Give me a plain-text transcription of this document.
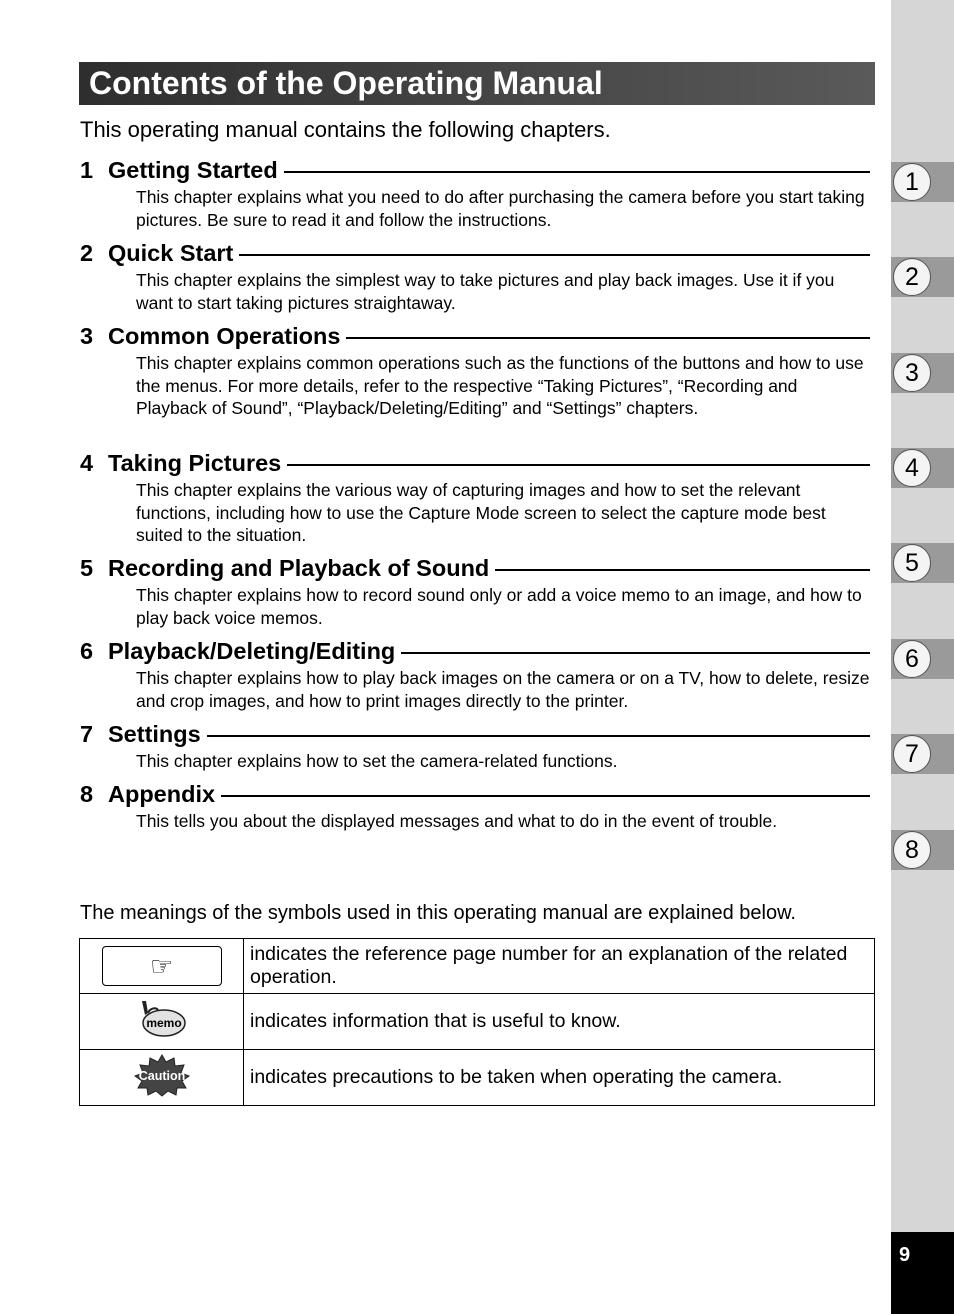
1
2
3
4
5
6
7
8
9
Contents of the Operating Manual

This operating manual contains the following chapters.

1 Getting Started

This chapter explains what you need to do after purchasing the camera before you start taking pictures. Be sure to read it and follow the instructions.

2 Quick Start

This chapter explains the simplest way to take pictures and play back images. Use it if you want to start taking pictures straightaway.

3 Common Operations

This chapter explains common operations such as the functions of the buttons and how to use the menus. For more details, refer to the respective “Taking Pictures”, “Recording and Playback of Sound”, “Playback/Deleting/Editing” and “Settings” chapters.

4 Taking Pictures

This chapter explains the various way of capturing images and how to set the relevant functions, including how to use the Capture Mode screen to select the capture mode best suited to the situation.

5 Recording and Playback of Sound

This chapter explains how to record sound only or add a voice memo to an image, and how to play back voice memos.

6 Playback/Deleting/Editing

This chapter explains how to play back images on the camera or on a TV, how to delete, resize and crop images, and how to print images directly to the printer.

7 Settings

This chapter explains how to set the camera-related functions.

8 Appendix

This tells you about the displayed messages and what to do in the event of trouble.

The meanings of the symbols used in this operating manual are explained below.

☞	indicates the reference page number for an explanation of the related operation.

memo	indicates information that is useful to know.

Caution	indicates precautions to be taken when operating the camera.
